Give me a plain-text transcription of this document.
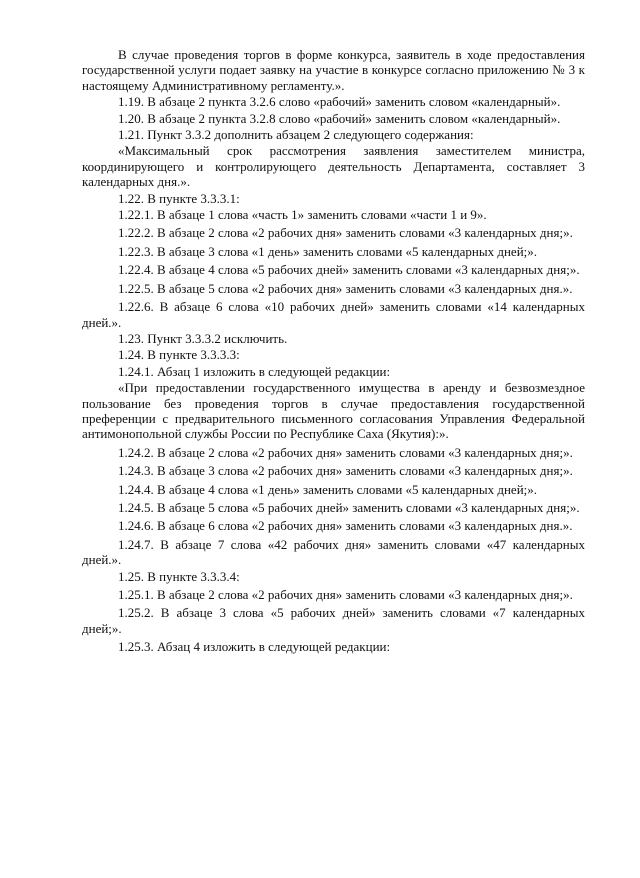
В случае проведения торгов в форме конкурса, заявитель в ходе предоставления государственной услуги подает заявку на участие в конкурсе согласно приложению № 3 к настоящему Административному регламенту.».

1.19. В абзаце 2 пункта 3.2.6 слово «рабочий» заменить словом «календарный».

1.20. В абзаце 2 пункта 3.2.8 слово «рабочий» заменить словом «календарный».

1.21. Пункт 3.3.2 дополнить абзацем 2 следующего содержания:

«Максимальный срок рассмотрения заявления заместителем министра, координирующего и контролирующего деятельность Департамента, составляет 3 календарных дня.».

1.22. В пункте 3.3.3.1:

1.22.1. В абзаце 1 слова «часть 1» заменить словами «части 1 и 9».

1.22.2. В абзаце 2 слова «2 рабочих дня» заменить словами «3 календарных дня;».

1.22.3. В абзаце 3 слова «1 день» заменить словами «5 календарных дней;».

1.22.4. В абзаце 4 слова «5 рабочих дней» заменить словами «3 календарных дня;».

1.22.5. В абзаце 5 слова «2 рабочих дня» заменить словами «3 календарных дня.».

1.22.6. В абзаце 6 слова «10 рабочих дней» заменить словами «14 календарных дней.».

1.23. Пункт 3.3.3.2 исключить.

1.24. В пункте 3.3.3.3:

1.24.1. Абзац 1 изложить в следующей редакции:

«При предоставлении государственного имущества в аренду и безвозмездное пользование без проведения торгов в случае предоставления государственной преференции с предварительного письменного согласования Управления Федеральной антимонопольной службы России по Республике Саха (Якутия):».

1.24.2. В абзаце 2 слова «2 рабочих дня» заменить словами «3 календарных дня;».

1.24.3. В абзаце 3 слова «2 рабочих дня» заменить словами «3 календарных дня;».

1.24.4. В абзаце 4 слова «1 день» заменить словами «5 календарных дней;».

1.24.5. В абзаце 5 слова «5 рабочих дней» заменить словами «3 календарных дня;».

1.24.6. В абзаце 6 слова «2 рабочих дня» заменить словами «3 календарных дня.».

1.24.7. В абзаце 7 слова «42 рабочих дня» заменить словами «47 календарных дней.».

1.25. В пункте 3.3.3.4:

1.25.1. В абзаце 2 слова «2 рабочих дня» заменить словами «3 календарных дня;».

1.25.2. В абзаце 3 слова «5 рабочих дней» заменить словами «7 календарных дней;».

1.25.3. Абзац 4 изложить в следующей редакции:
